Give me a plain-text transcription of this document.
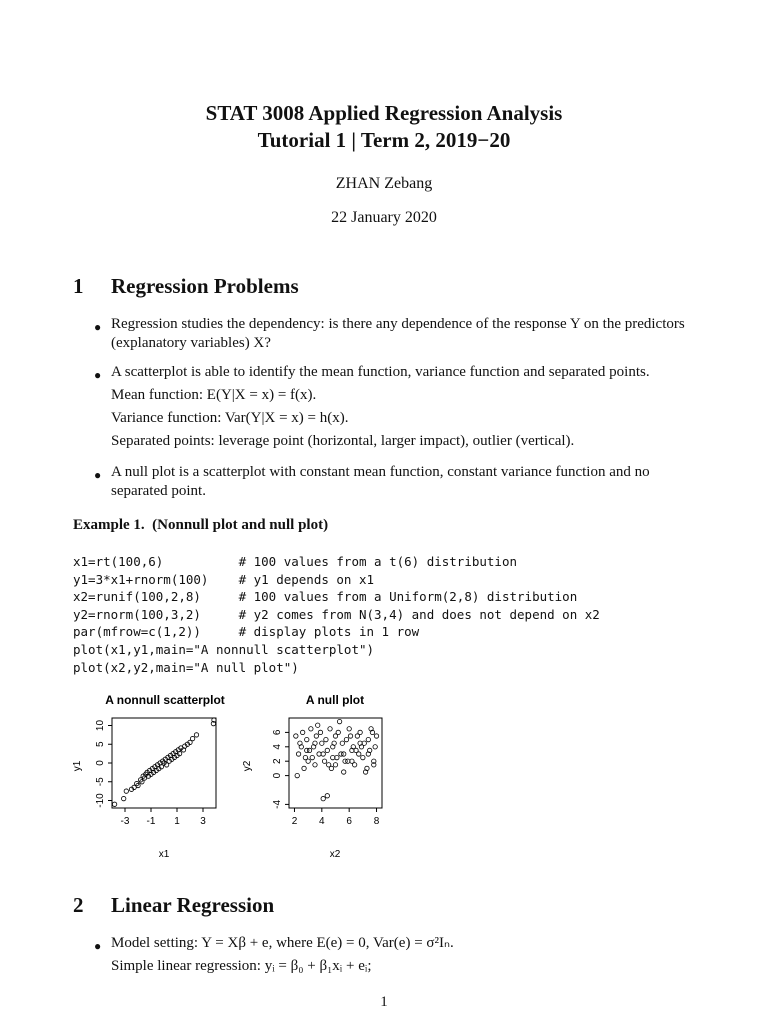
STAT 3008 Applied Regression Analysis
Tutorial 1 | Term 2, 2019−20
ZHAN Zebang
22 January 2020
1 Regression Problems
● Regression studies the dependency: is there any dependence of the response Y on the predictors (explanatory variables) X?
● A scatterplot is able to identify the mean function, variance function and separated points.
Mean function: E(Y|X = x) = f(x).
Variance function: Var(Y|X = x) = h(x).
Separated points: leverage point (horizontal, larger impact), outlier (vertical).
● A null plot is a scatterplot with constant mean function, constant variance function and no separated point.
Example 1. (Nonnull plot and null plot)
x1=rt(100,6)          # 100 values from a t(6) distribution
y1=3*x1+rnorm(100)    # y1 depends on x1
x2=runif(100,2,8)     # 100 values from a Uniform(2,8) distribution
y2=rnorm(100,3,2)     # y2 comes from N(3,4) and does not depend on x2
par(mfrow=c(1,2))     # display plots in 1 row
plot(x1,y1,main="A nonnull scatterplot")
plot(x2,y2,main="A null plot")
A nonnull scatterplot
-3 -1 1 3
-10
-5
0
5
10
x1
y1
A null plot
2 4 6 8
-4
0
2
4
6
x2
y2
2 Linear Regression
● Model setting: Y = Xβ + e, where E(e) = 0, Var(e) = σ²Iₙ.
Simple linear regression: yᵢ = β₀ + β₁xᵢ + eᵢ;
1
